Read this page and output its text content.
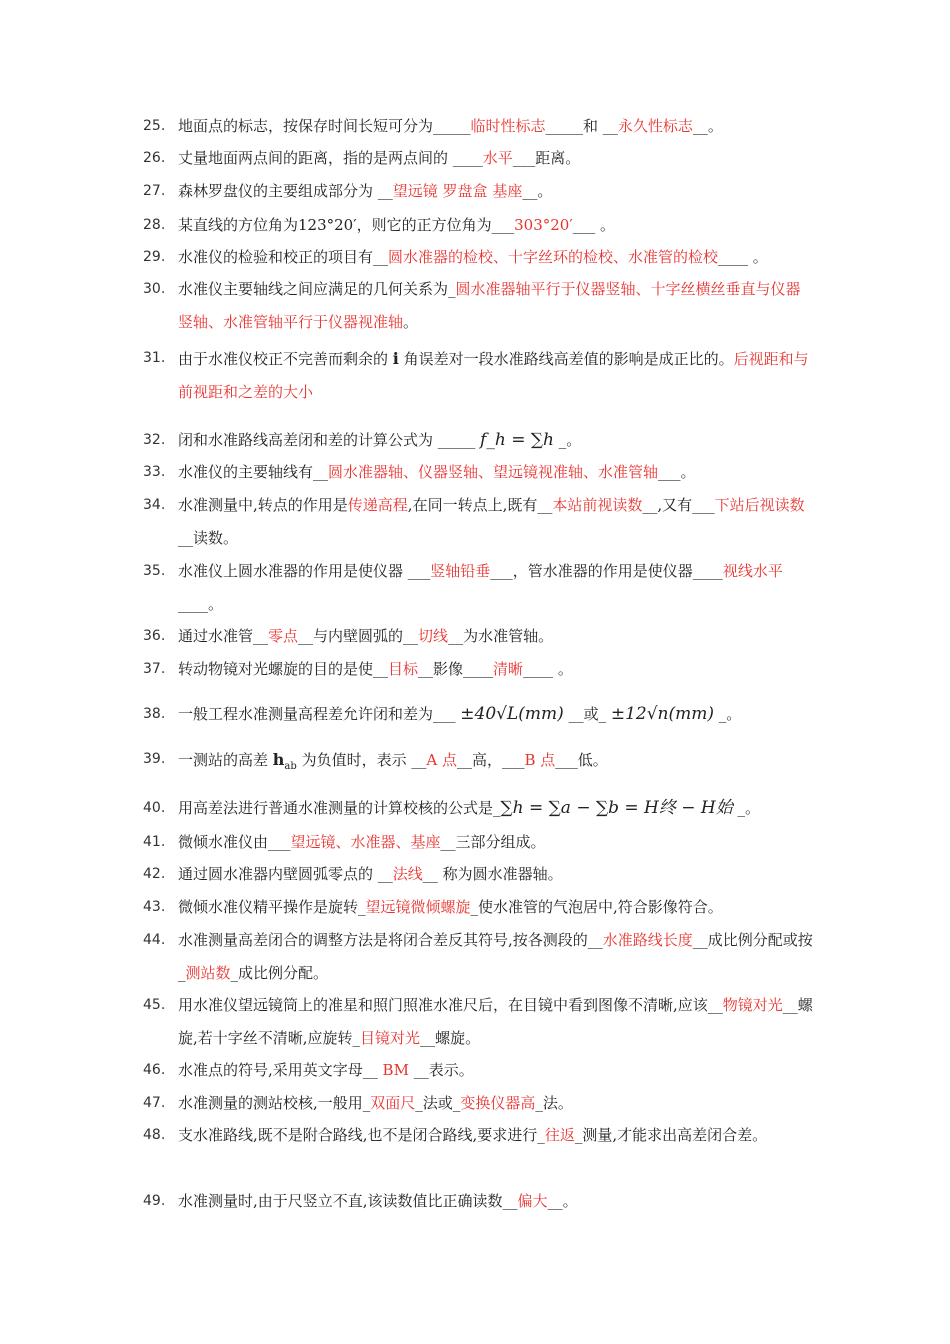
25. 地面点的标志，按保存时间长短可分为_____临时性标志_____和 __永久性标志__。
26. 丈量地面两点间的距离，指的是两点间的 ____水平___距离。
27. 森林罗盘仪的主要组成部分为 __望远镜 罗盘盒 基座__。
28. 某直线的方位角为123°20′，则它的正方位角为___303°20′___ 。
29. 水准仪的检验和校正的项目有__圆水准器的检校、十字丝环的检校、水准管的检校____ 。
30. 水准仪主要轴线之间应满足的几何关系为_圆水准器轴平行于仪器竖轴、十字丝横丝垂直与仪器竖轴、水准管轴平行于仪器视准轴。
31. 由于水准仪校正不完善而剩余的 i 角误差对一段水准路线高差值的影响是成正比的。后视距和与前视距和之差的大小
32. 闭和水准路线高差闭和差的计算公式为 _____ f_h = ∑h _。
33. 水准仪的主要轴线有__圆水准器轴、仪器竖轴、望远镜视准轴、水准管轴___。
34. 水准测量中,转点的作用是传递高程,在同一转点上,既有__本站前视读数__,又有___下站后视读数__读数。
35. 水准仪上圆水准器的作用是使仪器 ___竖轴铅垂___，管水准器的作用是使仪器____视线水平____。
36. 通过水准管__零点__与内壁圆弧的__切线__为水准管轴。
37. 转动物镜对光螺旋的目的是使__目标__影像____清晰____ 。
38. 一般工程水准测量高程差允许闭和差为___ ±40√L(mm) __或_ ±12√n(mm) _。
39. 一测站的高差 $h_{ab}$ 为负值时，表示 __A 点__高，___B 点___低。
40. 用高差法进行普通水准测量的计算校核的公式是_∑h = ∑a − ∑b = H终 − H始 _。
41. 微倾水准仪由___望远镜、水准器、基座__三部分组成。
42. 通过圆水准器内壁圆弧零点的 __法线__ 称为圆水准器轴。
43. 微倾水准仪精平操作是旋转_望远镜微倾螺旋_使水准管的气泡居中,符合影像符合。
44. 水准测量高差闭合的调整方法是将闭合差反其符号,按各测段的__水准路线长度__成比例分配或按_测站数_成比例分配。
45. 用水准仪望远镜筒上的准星和照门照准水准尺后，在目镜中看到图像不清晰,应该__物镜对光__螺旋,若十字丝不清晰,应旋转_目镜对光__螺旋。
46. 水准点的符号,采用英文字母__ BM __表示。
47. 水准测量的测站校核,一般用_双面尺_法或_变换仪器高_法。
48. 支水准路线,既不是附合路线,也不是闭合路线,要求进行_往返_测量,才能求出高差闭合差。
49. 水准测量时,由于尺竖立不直,该读数值比正确读数__偏大__。
